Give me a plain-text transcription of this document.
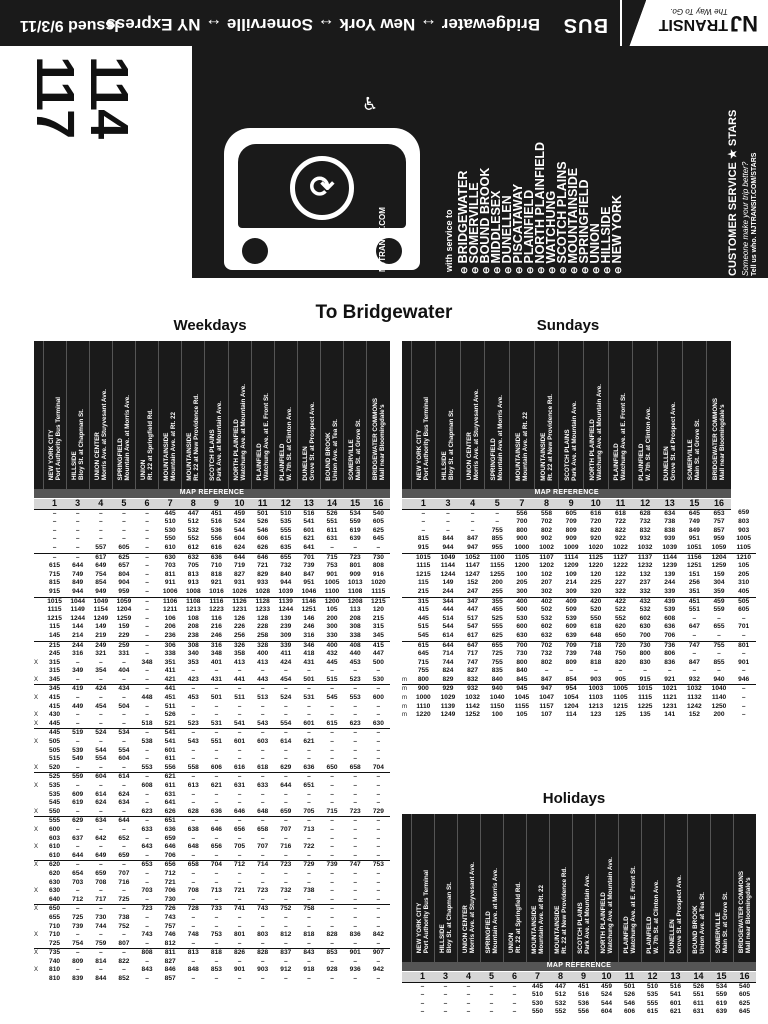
NJ
TRANSIT
The Way To Go.
BUS
Bridgewater ↔ New York ↔ Somerville ↔ NY Express
Issued 9/3/11
114
117
⟳
♿
NJTRANSIT.COM	with service to ⊖BRIDGEWATER
⊖SOMERVILLE
⊖BOUND BROOK
⊖MIDDLESEX
⊖DUNELLEN
⊖PISCATAWAY
⊖PLAINFIELD
⊖NORTH PLAINFIELD
⊖WATCHUNG
⊖SCOTCH PLAINS
⊖MOUNTAINSIDE
⊖SPRINGFIELD
⊖UNION
⊖HILLSIDE
⊖NEW YORK	CUSTOMER SERVICE ★ STARS Someone make your trip better? Tell us who. NJTRANSIT.COM/STARS
To Bridgewater
Weekdays	Sundays
Holidays

	NEW YORK CITY Port Authority Bus Terminal	HILLSIDE Bloy St. at Chapman St.	UNION CENTER Morris Ave. at Stuyvesant Ave.	SPRINGFIELD Mountain Ave. at Morris Ave.	UNION Rt. 22 at Springfield Rd.	MOUNTAINSIDE Mountain Ave. at Rt. 22	MOUNTAINSIDE Rt. 22 at New Providence Rd.	SCOTCH PLAINS Park Ave. at Mountain Ave.	NORTH PLAINFIELD Watchung Ave. at Mountain Ave.	PLAINFIELD Watchung Ave. at E. Front St.	PLAINFIELD W. 7th St. at Clinton Ave.	DUNELLEN Grove St. at Prospect Ave.	BOUND BROOK Union Ave. at Tea St.	SOMERVILLE Main St. at Grove St.	BRIDGEWATER COMMONS Mall near Bloomingdale's
MAP REFERENCE															
	1	3	4	5	6	7	8	9	10	11	12	13	14	15	16
	–	–	–	–	–	445	447	451	459	501	510	516	526	534	540
	–	–	–	–	–	510	512	516	524	526	535	541	551	559	605
	–	–	–	–	–	530	532	536	544	546	555	601	611	619	625
	–	–	–	–	–	550	552	556	604	606	615	621	631	639	645
	–	–	557	605	–	610	612	616	624	626	635	641	–	–	–
	–	–	617	625	–	630	632	636	644	646	655	701	715	723	730
	615	644	649	657	–	703	705	710	719	721	732	739	753	801	808
	715	749	754	804	–	811	813	818	827	829	840	847	901	909	916
	815	849	854	904	–	911	913	921	931	933	944	951	1005	1013	1020
	915	944	949	959	–	1006	1008	1016	1026	1028	1039	1046	1100	1108	1115
	1015	1044	1049	1059	–	1106	1108	1116	1126	1128	1139	1146	1200	1208	1215
	1115	1149	1154	1204	–	1211	1213	1223	1231	1233	1244	1251	105	113	120
	1215	1244	1249	1259	–	106	108	116	126	128	139	146	200	208	215
	115	144	149	159	–	206	208	216	226	228	239	246	300	308	315
	145	214	219	229	–	236	238	246	256	258	309	316	330	338	345
	215	244	249	259	–	306	308	316	326	328	339	346	400	408	415
	245	316	321	331	–	338	340	348	358	400	411	418	432	440	447
X	315	–	–	–	348	351	353	401	413	413	424	431	445	453	500
	315	349	354	404	–	411	–	–	–	–	–	–	–	–	–
X	345	–	–	–	–	421	423	431	441	443	454	501	515	523	530
	345	419	424	434	–	441	–	–	–	–	–	–	–	–	–
X	415	–	–	–	448	451	453	501	511	513	524	531	545	553	600
	415	449	454	504	–	511	–	–	–	–	–	–	–	–	–
X	430	–	–	–	–	526	–	–	–	–	–	–	–	–	–
X	445	–	–	–	518	521	523	531	541	543	554	601	615	623	630
	445	519	524	534	–	541	–	–	–	–	–	–	–	–	–
X	505	–	–	–	538	541	543	551	601	603	614	621	–	–	–
	505	539	544	554	–	601	–	–	–	–	–	–	–	–	–
	515	549	554	604	–	611	–	–	–	–	–	–	–	–	–
X	520	–	–	–	553	556	558	606	616	618	629	636	650	658	704
	525	559	604	614	–	621	–	–	–	–	–	–	–	–	–
X	535	–	–	–	608	611	613	621	631	633	644	651	–	–	–
	535	609	614	624	–	631	–	–	–	–	–	–	–	–	–
	545	619	624	634	–	641	–	–	–	–	–	–	–	–	–
X	550	–	–	–	623	626	628	636	646	648	659	705	715	723	729
	555	629	634	644	–	651	–	–	–	–	–	–	–	–	–
X	600	–	–	–	633	636	638	646	656	658	707	713	–	–	–
	603	637	642	652	–	659	–	–	–	–	–	–	–	–	–
X	610	–	–	–	643	646	648	656	705	707	716	722	–	–	–
	610	644	649	659	–	706	–	–	–	–	–	–	–	–	–
X	620	–	–	–	653	656	658	704	712	714	723	729	739	747	753
	620	654	659	707	–	712	–	–	–	–	–	–	–	–	–
	630	703	708	716	–	721	–	–	–	–	–	–	–	–	–
X	630	–	–	–	703	706	708	713	721	723	732	738	–	–	–
	640	712	717	725	–	730	–	–	–	–	–	–	–	–	–
X	650	–	–	–	723	726	728	733	741	743	752	758	–	–	–
	655	725	730	738	–	743	–	–	–	–	–	–	–	–	–
	710	739	744	752	–	757	–	–	–	–	–	–	–	–	–
X	710	–	–	–	743	746	748	753	801	803	812	818	828	836	842
	725	754	759	807	–	812	–	–	–	–	–	–	–	–	–
X	735	–	–	–	808	811	813	818	826	828	837	843	853	901	907
	740	809	814	822	–	827	–	–	–	–	–	–	–	–	–
X	810	–	–	–	843	846	848	853	901	903	912	918	928	936	942
	810	839	844	852	–	857	–	–	–	–	–	–	–	–	–

	NEW YORK CITY Port Authority Bus Terminal	HILLSIDE Bloy St. at Chapman St.	UNION CENTER Morris Ave. at Stuyvesant Ave.	SPRINGFIELD Mountain Ave. at Morris Ave.	MOUNTAINSIDE Mountain Ave. at Rt. 22	MOUNTAINSIDE Rt. 22 at New Providence Rd.	SCOTCH PLAINS Park Ave. at Mountain Ave.	NORTH PLAINFIELD Watchung Ave. at Mountain Ave.	PLAINFIELD Watchung Ave. at E. Front St.	PLAINFIELD W. 7th St. at Clinton Ave.	DUNELLEN Grove St. at Prospect Ave.	SOMERVILLE Main St. at Grove St.	BRIDGEWATER COMMONS Mall near Bloomingdale's	
MAP REFERENCE														
	1	3	4	5	7	8	9	10	11	12	13	15	16	
	–	–	–	–	556	558	605	616	618	628	634	645	653	659
	–	–	–	–	700	702	709	720	722	732	738	749	757	803
	–	–	–	755	800	802	809	820	822	832	838	849	857	903
	815	844	847	855	900	902	909	920	922	932	939	951	959	1005
	915	944	947	955	1000	1002	1009	1020	1022	1032	1039	1051	1059	1105
	1015	1049	1052	1100	1105	1107	1114	1125	1127	1137	1144	1156	1204	1210
	1115	1144	1147	1155	1200	1202	1209	1220	1222	1232	1239	1251	1259	105
	1215	1244	1247	1255	100	102	109	120	122	132	139	151	159	205
	115	149	152	200	205	207	214	225	227	237	244	256	304	310
	215	244	247	255	300	302	309	320	322	332	339	351	359	405
	315	344	347	355	400	402	409	420	422	432	439	451	459	505
	415	444	447	455	500	502	509	520	522	532	539	551	559	605
	445	514	517	525	530	532	539	550	552	602	608	–	–	–
	515	544	547	555	600	602	609	618	620	630	636	647	655	701
	545	614	617	625	630	632	639	648	650	700	706	–	–	–
	615	644	647	655	700	702	709	718	720	730	736	747	755	801
	645	714	717	725	730	732	739	748	750	800	806	–	–	–
	715	744	747	755	800	802	809	818	820	830	836	847	855	901
	755	824	827	835	840	–	–	–	–	–	–	–	–	–
m	800	829	832	840	845	847	854	903	905	915	921	932	940	946
m	900	929	932	940	945	947	954	1003	1005	1015	1021	1032	1040	–
m	1000	1029	1032	1040	1045	1047	1054	1103	1105	1115	1121	1132	1140	–
m	1110	1139	1142	1150	1155	1157	1204	1213	1215	1225	1231	1242	1250	–
m	1220	1249	1252	100	105	107	114	123	125	135	141	152	200	–

	NEW YORK CITY Port Authority Bus Terminal	HILLSIDE Bloy St. at Chapman St.	UNION CENTER Morris Ave. at Stuyvesant Ave.	SPRINGFIELD Mountain Ave. at Morris Ave.	UNION Rt. 22 at Springfield Rd.	MOUNTAINSIDE Mountain Ave. at Rt. 22	MOUNTAINSIDE Rt. 22 at New Providence Rd.	SCOTCH PLAINS Park Ave. at Mountain Ave.	NORTH PLAINFIELD Watchung Ave. at Mountain Ave.	PLAINFIELD Watchung Ave. at E. Front St.	PLAINFIELD W. 7th St. at Clinton Ave.	DUNELLEN Grove St. at Prospect Ave.	BOUND BROOK Union Ave. at Tea St.	SOMERVILLE Main St. at Grove St.	BRIDGEWATER COMMONS Mall near Bloomingdale's
MAP REFERENCE															
	1	3	4	5	6	7	8	9	10	11	12	13	14	15	16
	–	–	–	–	–	445	447	451	459	501	510	516	526	534	540
	–	–	–	–	–	510	512	516	524	526	535	541	551	559	605
	–	–	–	–	–	530	532	536	544	546	555	601	611	619	625
	–	–	–	–	–	550	552	556	604	606	615	621	631	639	645
